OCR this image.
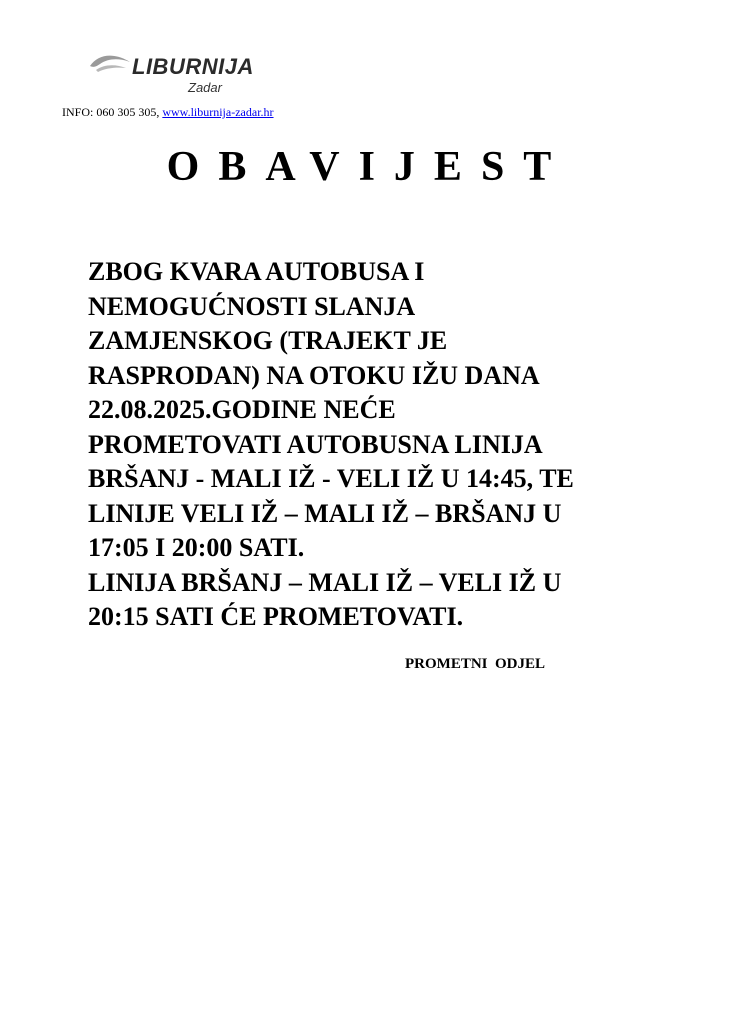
LIBURNIJA
Zadar
INFO: 060 305 305, www.liburnija-zadar.hr
OBAVIJEST
ZBOG KVARA AUTOBUSA I
NEMOGUĆNOSTI SLANJA
ZAMJENSKOG (TRAJEKT JE
RASPRODAN) NA OTOKU IŽU DANA
22.08.2025.GODINE NEĆE
PROMETOVATI AUTOBUSNA LINIJA
BRŠANJ - MALI IŽ - VELI IŽ U 14:45, TE
LINIJE VELI IŽ – MALI IŽ – BRŠANJ U
17:05 I 20:00 SATI.
LINIJA BRŠANJ – MALI IŽ – VELI IŽ U
20:15 SATI ĆE PROMETOVATI.
PROMETNI  ODJEL
